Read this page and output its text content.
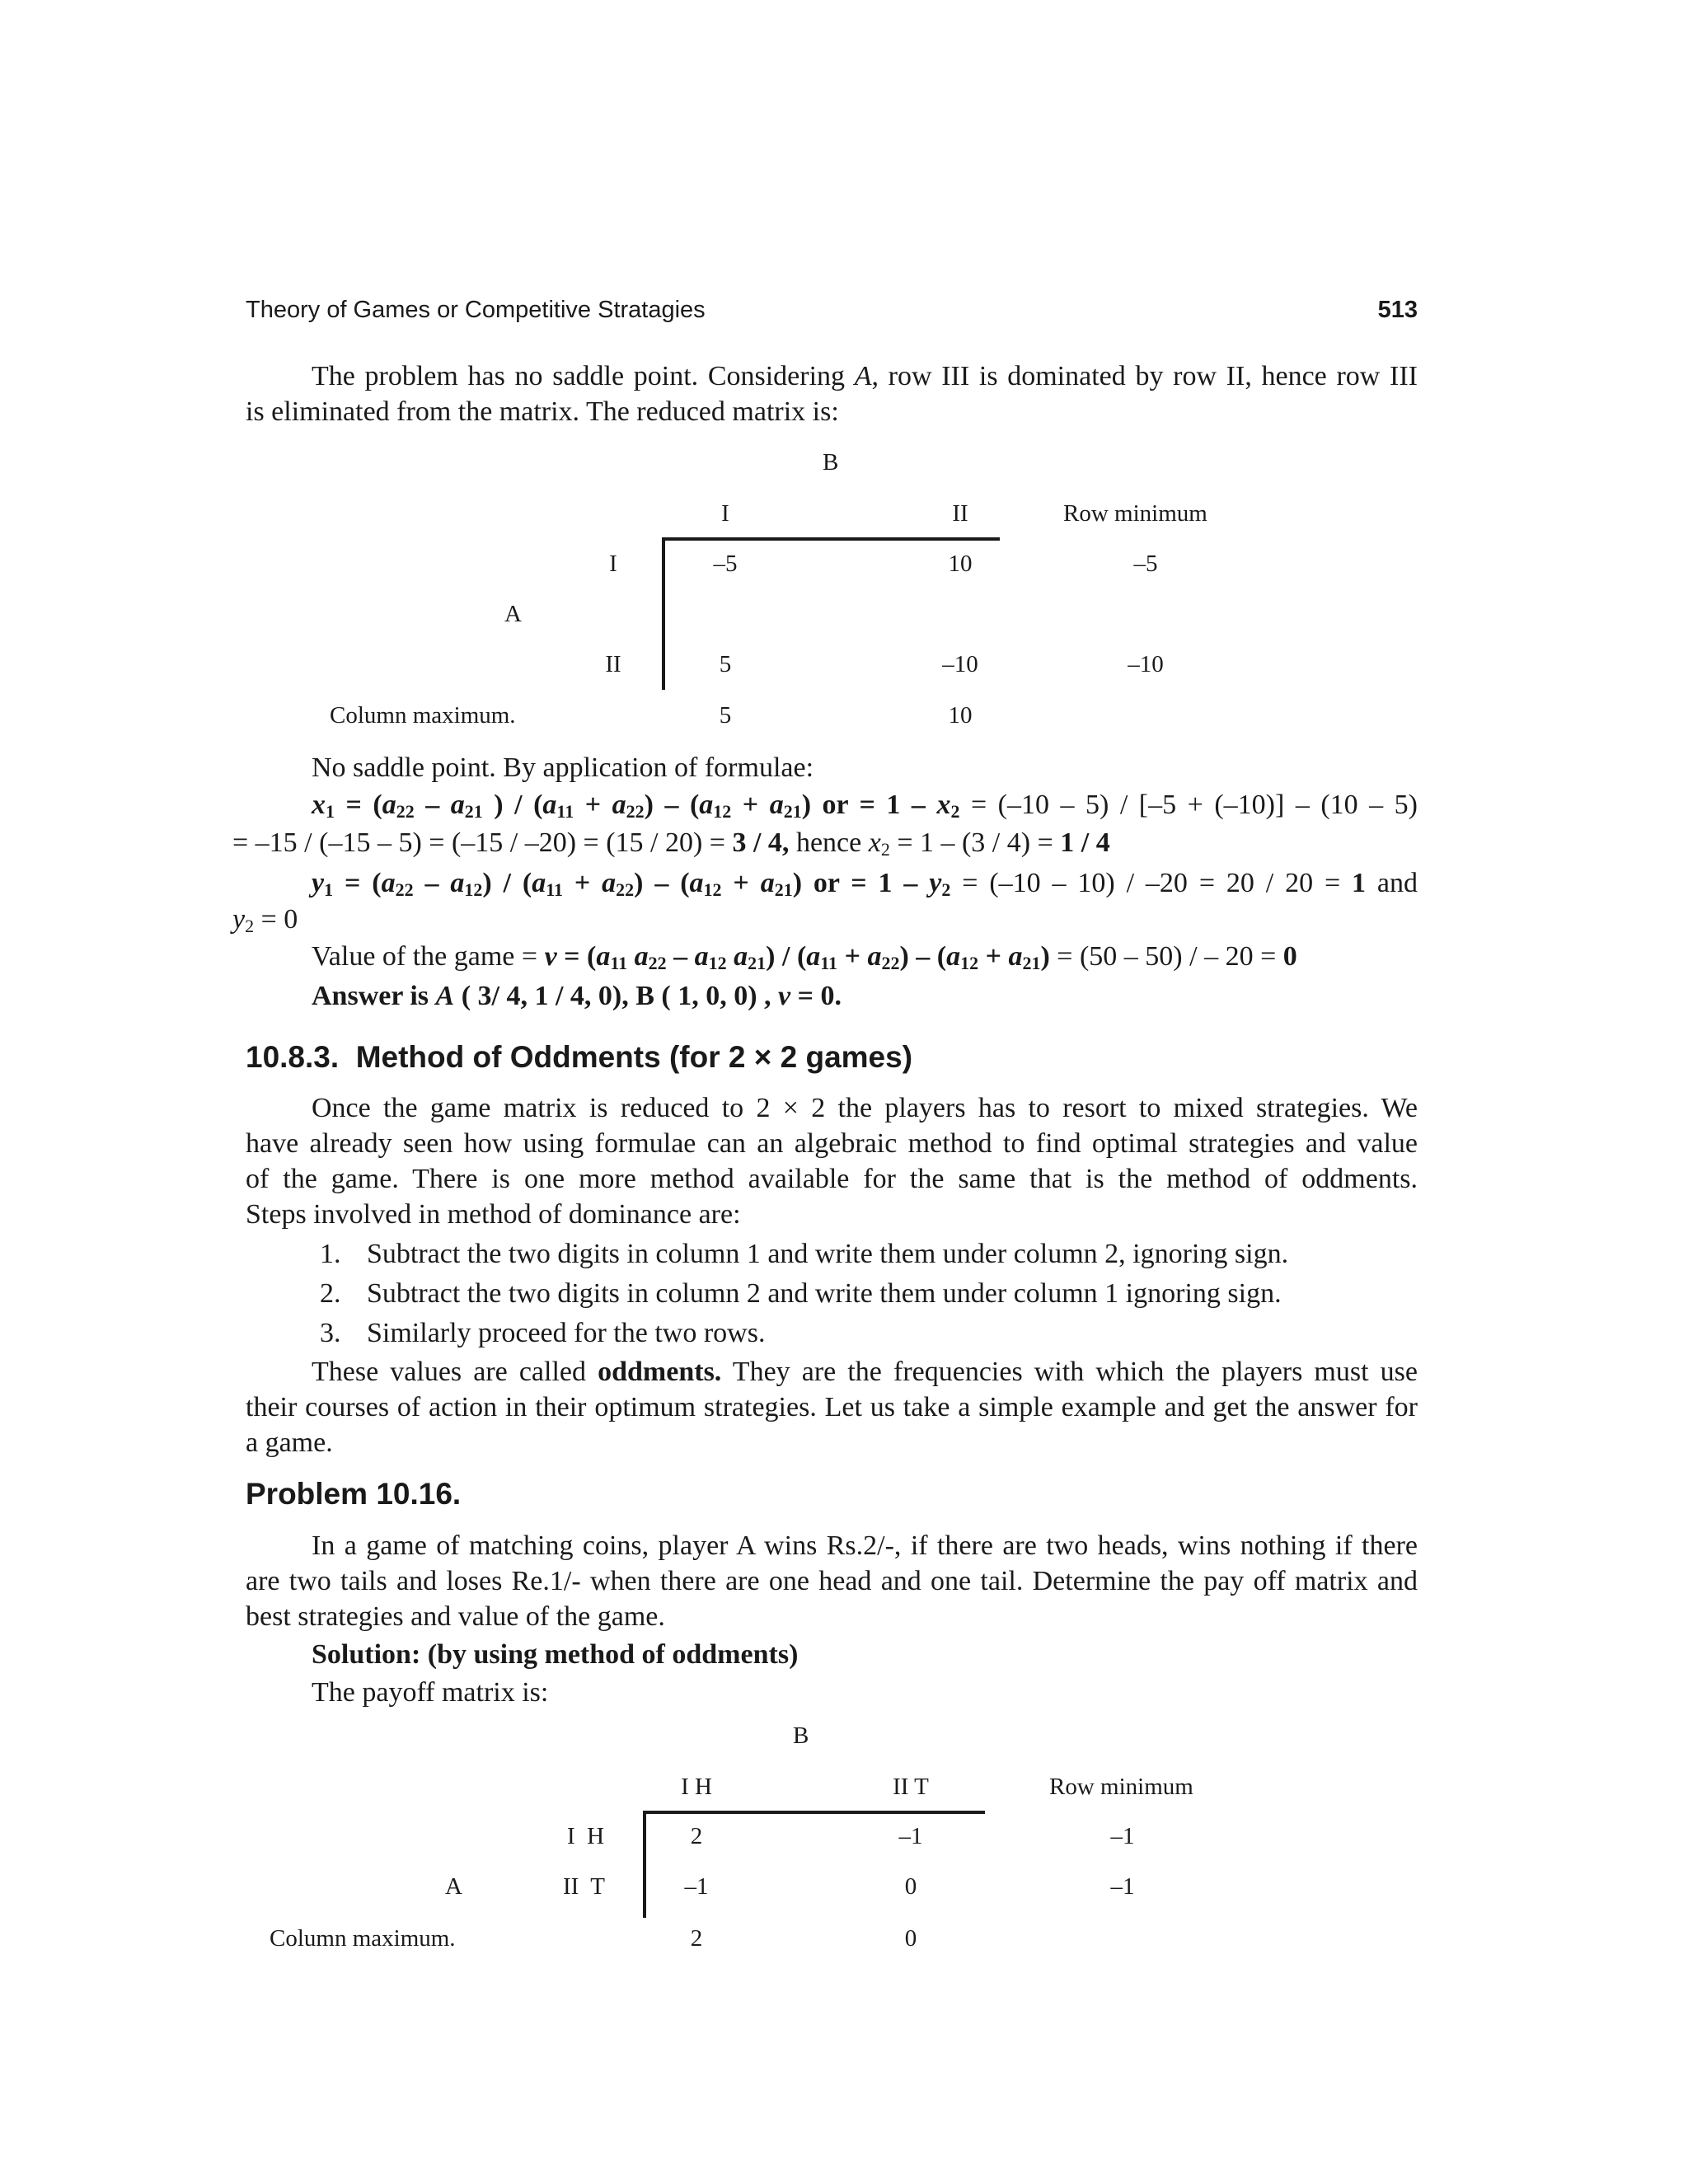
Theory of Games or Competitive Stratagies	513
The problem has no saddle point. Considering A, row III is dominated by row II, hence row III
is eliminated from the matrix. The reduced matrix is:
B
I	II	Row minimum
I	–5	10	–5
A
II	5	–10	–10
Column maximum.	5	10
No saddle point. By application of formulae:
$x_1 = (a_{22} - a_{21}$ ) / $(a_{11} + a_{22}) - (a_{12} + a_{21})$ or = $1 - x_2 = (-10 - 5) / [-5 + (-10)] - (10 - 5)$
= –15 / (–15 – 5) = (–15 / –20) = (15 / 20) = 3 / 4, hence $x_2 = 1 - (3 / 4) = 1 / 4$
$y_1 = (a_{22} - a_{12}) / (a_{11} + a_{22}) - (a_{12} + a_{21})$ or = $1 - y_2 = (-10 - 10) / -20 = 20 / 20 = 1$ and
$y_2 = 0$
Value of the game = $v = (a_{11}$ $a_{22} - a_{12}$ $a_{21}) / (a_{11} + a_{22}) - (a_{12} + a_{21}) = (50 - 50)$ / – 20 = 0
Answer is A ( 3/ 4, 1 / 4, 0), B ( 1, 0, 0) , v = 0.
10.8.3.  Method of Oddments (for 2 × 2 games)
Once the game matrix is reduced to 2 × 2 the players has to resort to mixed strategies. We
have already seen how using formulae can an algebraic method to find optimal strategies and value
of the game. There is one more method available for the same that is the method of oddments.
Steps involved in method of dominance are:
1. Subtract the two digits in column 1 and write them under column 2, ignoring sign.
2. Subtract the two digits in column 2 and write them under column 1 ignoring sign.
3. Similarly proceed for the two rows.
These values are called oddments. They are the frequencies with which the players must use
their courses of action in their optimum strategies. Let us take a simple example and get the answer for
a game.
Problem 10.16.
In a game of matching coins, player A wins Rs.2/-, if there are two heads, wins nothing if there
are two tails and loses Re.1/- when there are one head and one tail. Determine the pay off matrix and
best strategies and value of the game.
Solution: (by using method of oddments)
The payoff matrix is:
B
I H	II T	Row minimum
I  H	2	–1	–1
A	II  T	–1	0	–1
Column maximum.	2	0
